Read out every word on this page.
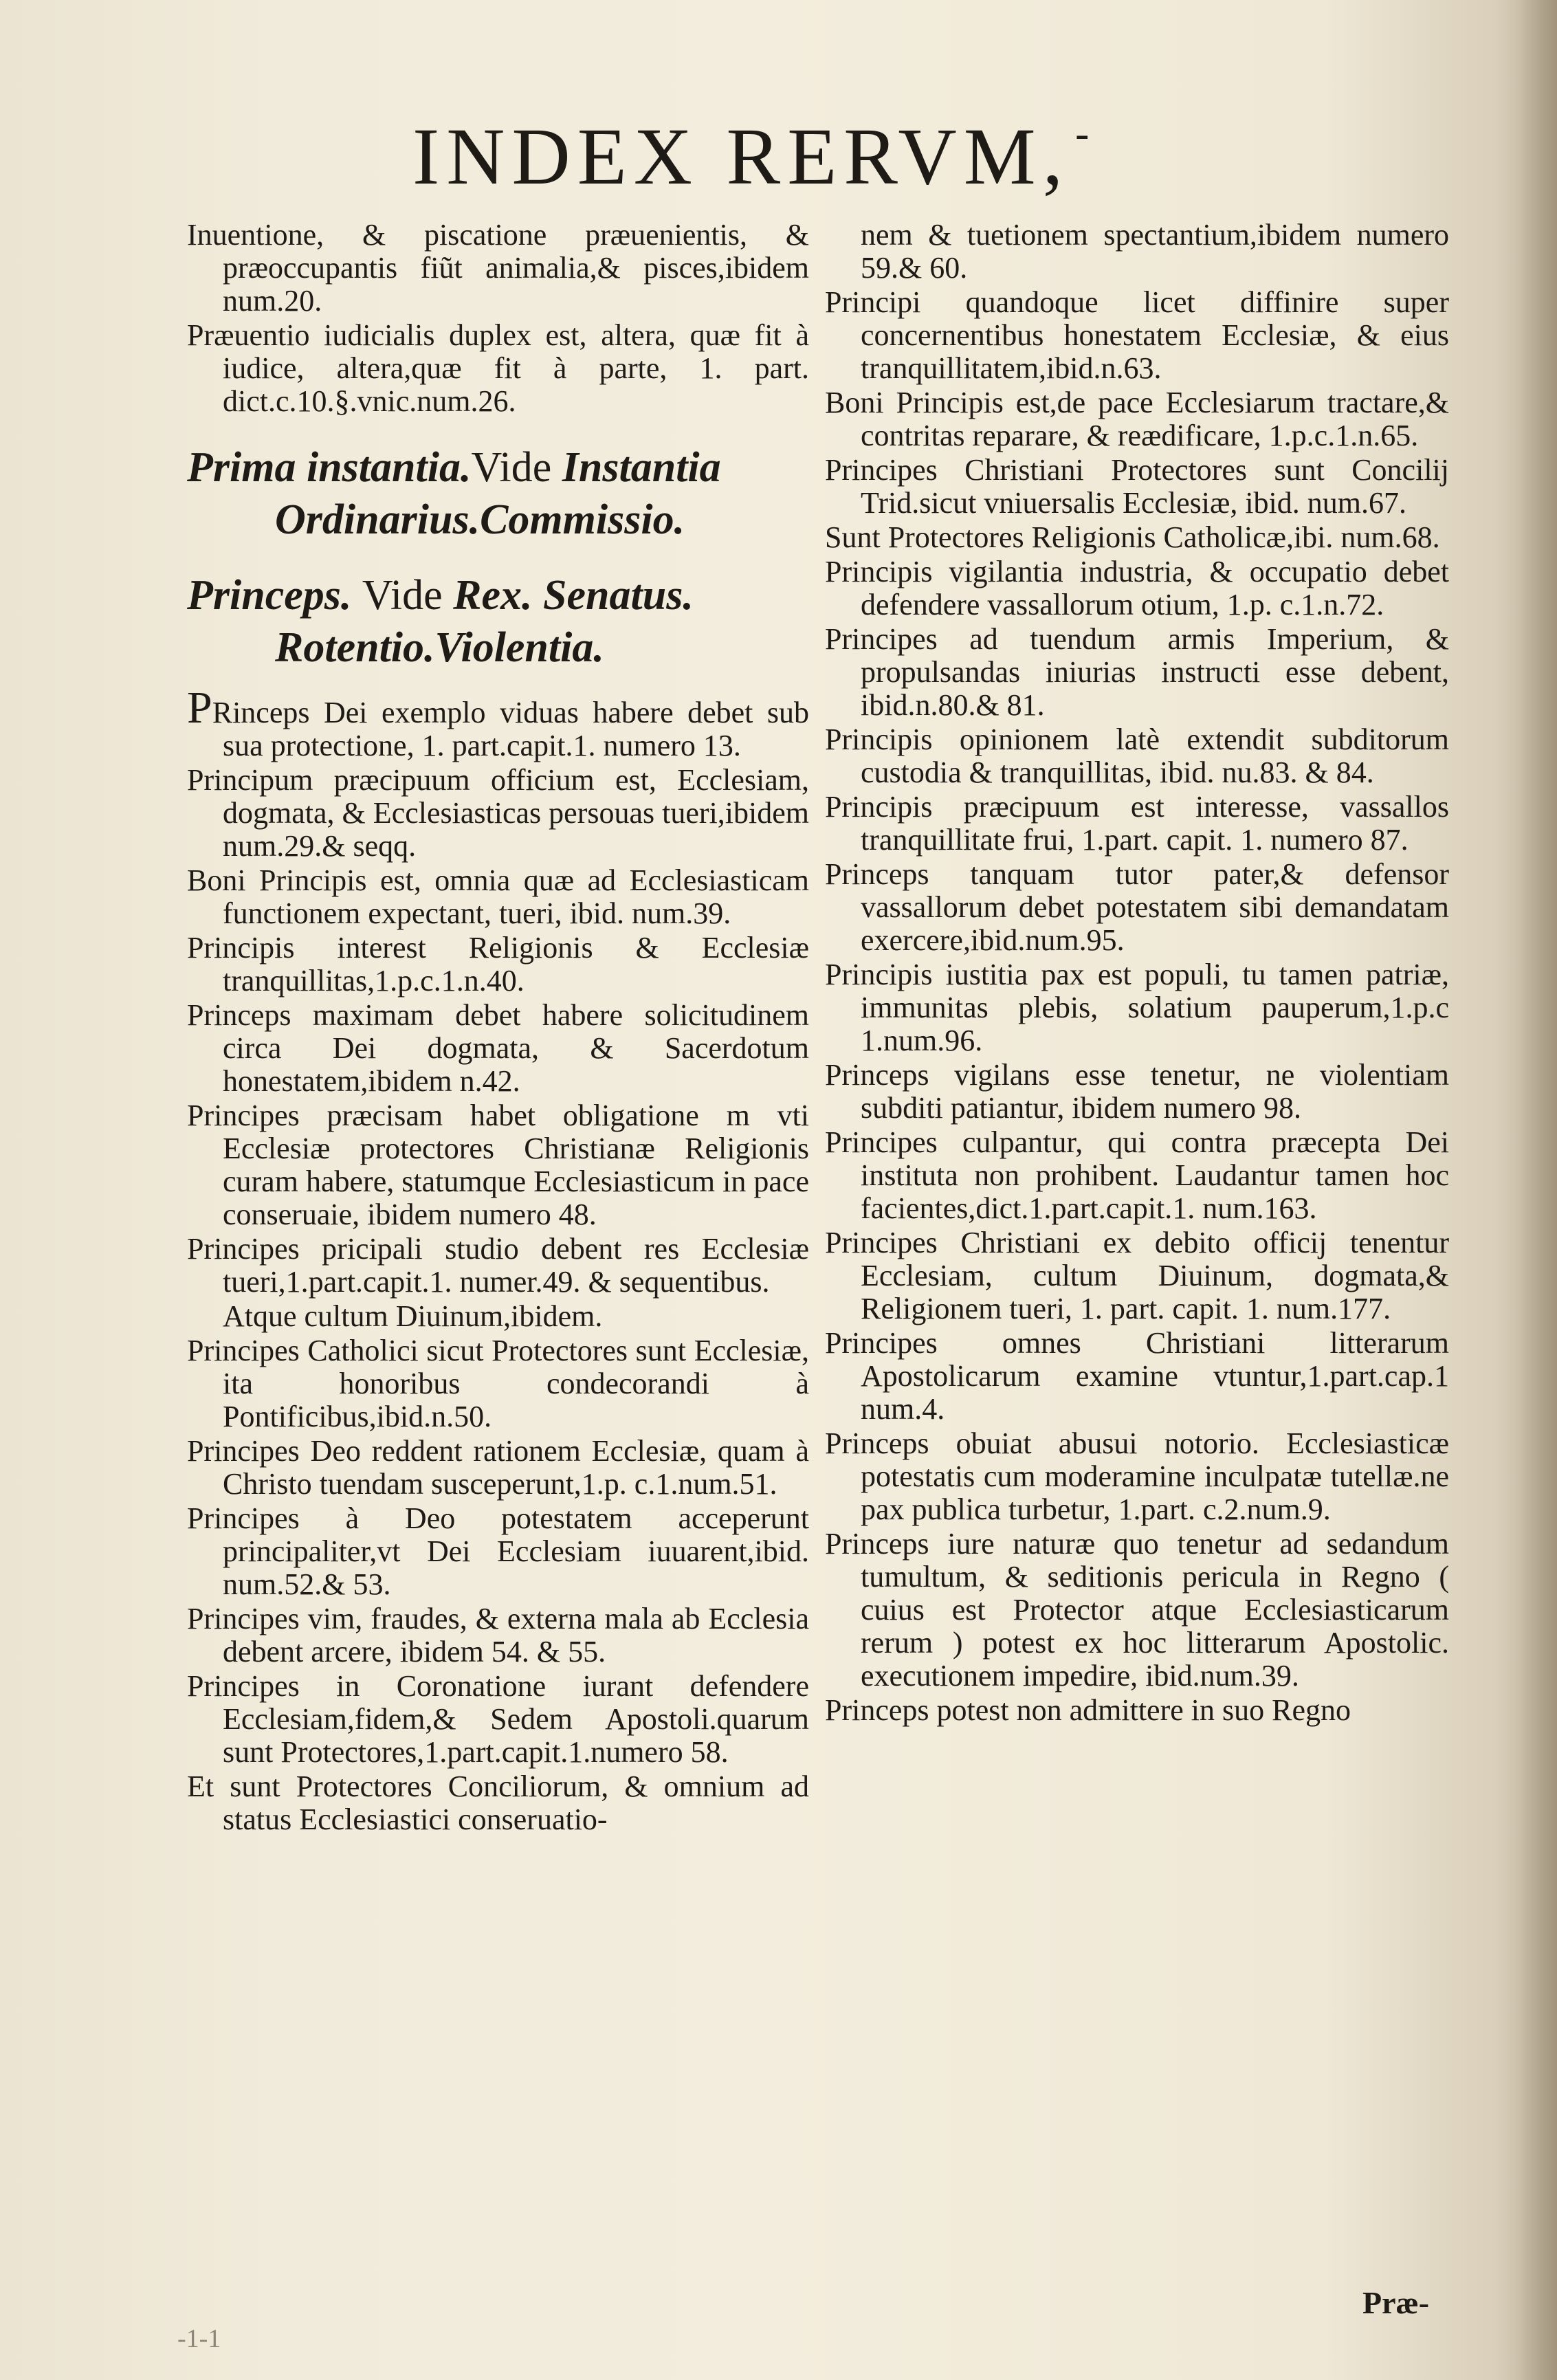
INDEX RERVM, -

Inuentione, & piscatione præuenientis, & præoccupantis fiũt animalia,& pisces,ibidem num.20.

Præuentio iudicialis duplex est, altera, quæ fit à iudice, altera,quæ fit à parte, 1. part. dict.c.10.§.vnic.num.26.

Prima instantia.Vide Instantia
Ordinarius.Commissio.
Princeps. Vide Rex. Senatus.
Rotentio.Violentia.

PRinceps Dei exemplo viduas habere debet sub sua protectione, 1. part.capit.1. numero 13.

Principum præcipuum officium est, Ecclesiam, dogmata, & Ecclesiasticas persouas tueri,ibidem num.29.& seqq.

Boni Principis est, omnia quæ ad Ecclesiasticam functionem expectant, tueri, ibid. num.39.

Principis interest Religionis & Ecclesiæ tranquillitas,1.p.c.1.n.40.

Princeps maximam debet habere solicitudinem circa Dei dogmata, & Sacerdotum honestatem,ibidem n.42.

Principes præcisam habet obligatione m vti Ecclesiæ protectores Christianæ Religionis curam habere, statumque Ecclesiasticum in pace conseruaie, ibidem numero 48.

Principes pricipali studio debent res Ecclesiæ tueri,1.part.capit.1. numer.49. & sequentibus.

Atque cultum Diuinum,ibidem.

Principes Catholici sicut Protectores sunt Ecclesiæ, ita honoribus condecorandi à Pontificibus,ibid.n.50.

Principes Deo reddent rationem Ecclesiæ, quam à Christo tuendam susceperunt,1.p. c.1.num.51.

Principes à Deo potestatem acceperunt principaliter,vt Dei Ecclesiam iuuarent,ibid. num.52.& 53.

Principes vim, fraudes, & externa mala ab Ecclesia debent arcere, ibidem 54. & 55.

Principes in Coronatione iurant defendere Ecclesiam,fidem,& Sedem Apostoli.quarum sunt Protectores,1.part.capit.1.numero 58.

Et sunt Protectores Conciliorum, & omnium ad status Ecclesiastici conseruatio-

nem & tuetionem spectantium,ibidem numero 59.& 60.

Principi quandoque licet diffinire super concernentibus honestatem Ecclesiæ, & eius tranquillitatem,ibid.n.63.

Boni Principis est,de pace Ecclesiarum tractare,& contritas reparare, & reædificare, 1.p.c.1.n.65.

Principes Christiani Protectores sunt Concilij Trid.sicut vniuersalis Ecclesiæ, ibid. num.67.

Sunt Protectores Religionis Catholicæ,ibi. num.68.

Principis vigilantia industria, & occupatio debet defendere vassallorum otium, 1.p. c.1.n.72.

Principes ad tuendum armis Imperium, & propulsandas iniurias instructi esse debent, ibid.n.80.& 81.

Principis opinionem latè extendit subditorum custodia & tranquillitas, ibid. nu.83. & 84.

Principis præcipuum est interesse, vassallos tranquillitate frui, 1.part. capit. 1. numero 87.

Princeps tanquam tutor pater,& defensor vassallorum debet potestatem sibi demandatam exercere,ibid.num.95.

Principis iustitia pax est populi, tu tamen patriæ, immunitas plebis, solatium pauperum,1.p.c 1.num.96.

Princeps vigilans esse tenetur, ne violentiam subditi patiantur, ibidem numero 98.

Principes culpantur, qui contra præcepta Dei instituta non prohibent. Laudantur tamen hoc facientes,dict.1.part.capit.1. num.163.

Principes Christiani ex debito officij tenentur Ecclesiam, cultum Diuinum, dogmata,& Religionem tueri, 1. part. capit. 1. num.177.

Principes omnes Christiani litterarum Apostolicarum examine vtuntur,1.part.cap.1 num.4.

Princeps obuiat abusui notorio. Ecclesiasticæ potestatis cum moderamine inculpatæ tutellæ.ne pax publica turbetur, 1.part. c.2.num.9.

Princeps iure naturæ quo tenetur ad sedandum tumultum, & seditionis pericula in Regno ( cuius est Protector atque Ecclesiasticarum rerum ) potest ex hoc litterarum Apostolic. executionem impedire, ibid.num.39.

Princeps potest non admittere in suo Regno

Præ-
-1-1
